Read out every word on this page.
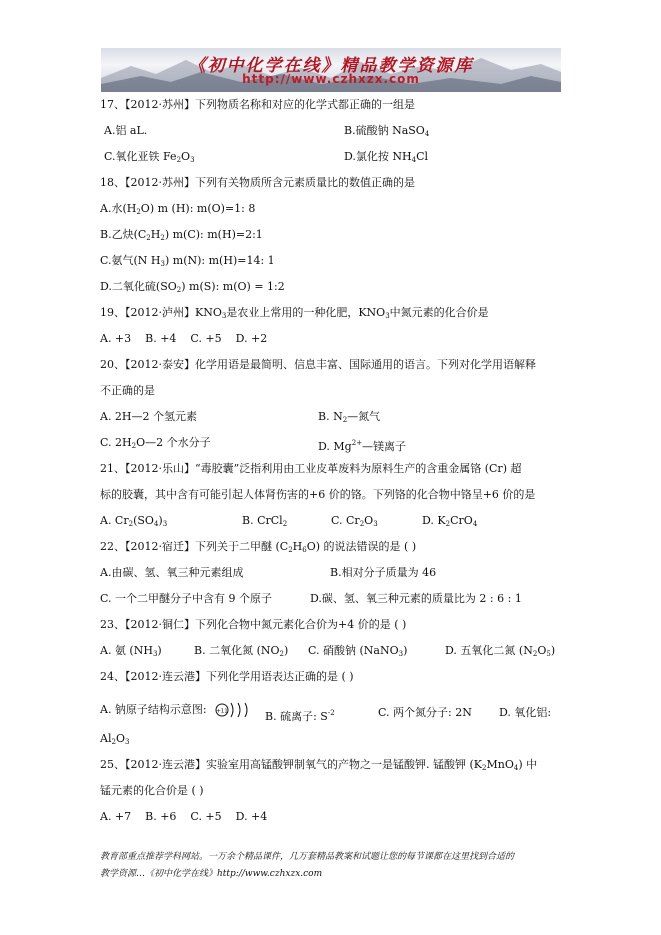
《初中化学在线》精品教学资源库
http://www.czhxzx.com
17、【2012·苏州】下列物质名称和对应的化学式都正确的一组是
A.铝 aL.	B.硫酸钠 NaSO$_4$
C.氧化亚铁 $Fe_2O_3$	D.氯化按 $NH_4Cl$
18、【2012·苏州】下列有关物质所含元素质量比的数值正确的是
A.水$(H_2O)$ m (H): m(O)=1: 8
B.乙炔$(C_2H_2)$ m(C): m(H)=2:1
C.氨气(N $H_3$) m(N): m(H)=14: 1
D.二氧化硫$(SO_2)$ m(S): m(O) = 1:2
19、【2012·泸州】$KNO_3$是农业上常用的一种化肥，$KNO_3$中氮元素的化合价是
A. +3    B. +4    C. +5    D. +2
20、【2012·泰安】化学用语是最简明、信息丰富、国际通用的语言。下列对化学用语解释
不正确的是
A. 2H—2 个氢元素	B. $N_2—$氮气
C. $2H_2O—2$ 个水分子	D. $Mg^{2+}—$镁离子
21、【2012·乐山】“毒胶囊”泛指利用由工业皮革废料为原料生产的含重金属铬 (Cr) 超
标的胶囊，其中含有可能引起人体肾伤害的+6 价的铬。下列铬的化合物中铬呈+6 价的是
A. $Cr_2(SO_4)_3$	B. CrCl$_2$	C. $Cr_2O_3$	D. $K_2CrO_4$
22、【2012·宿迁】下列关于二甲醚 $(C_2H_6O)$ 的说法错误的是 ( )
A.由碳、氢、氧三种元素组成	B.相对分子质量为 46
C. 一个二甲醚分子中含有 9 个原子	D.碳、氢、氧三种元素的质量比为 2 : 6 : 1
23、【2012·铜仁】下列化合物中氮元素化合价为+4 价的是 ( )
A. 氨 $(NH_3)$	B. 二氧化氮 $(NO_2)$ C. 硝酸钠 (NaNO$_3$)	D. 五氧化二氮 $(N_2O_5)$
24、【2012·连云港】下列化学用语表达正确的是 ( )
A. 钠原子结构示意图: +11	B. 硫离子: $S^{-2}$	C. 两个氮分子: 2N D. 氧化铝:
$Al_2O_3$
25、【2012·连云港】实验室用高锰酸钾制氧气的产物之一是锰酸钾. 锰酸钾 $(K_2MnO_4)$ 中
锰元素的化合价是 ( )
A. +7    B. +6    C. +5    D. +4
教育部重点推荐学科网站。一万余个精品课件，几万套精品教案和试题让您的每节课都在这里找到合适的
教学资源…《初中化学在线》http://www.czhxzx.com
